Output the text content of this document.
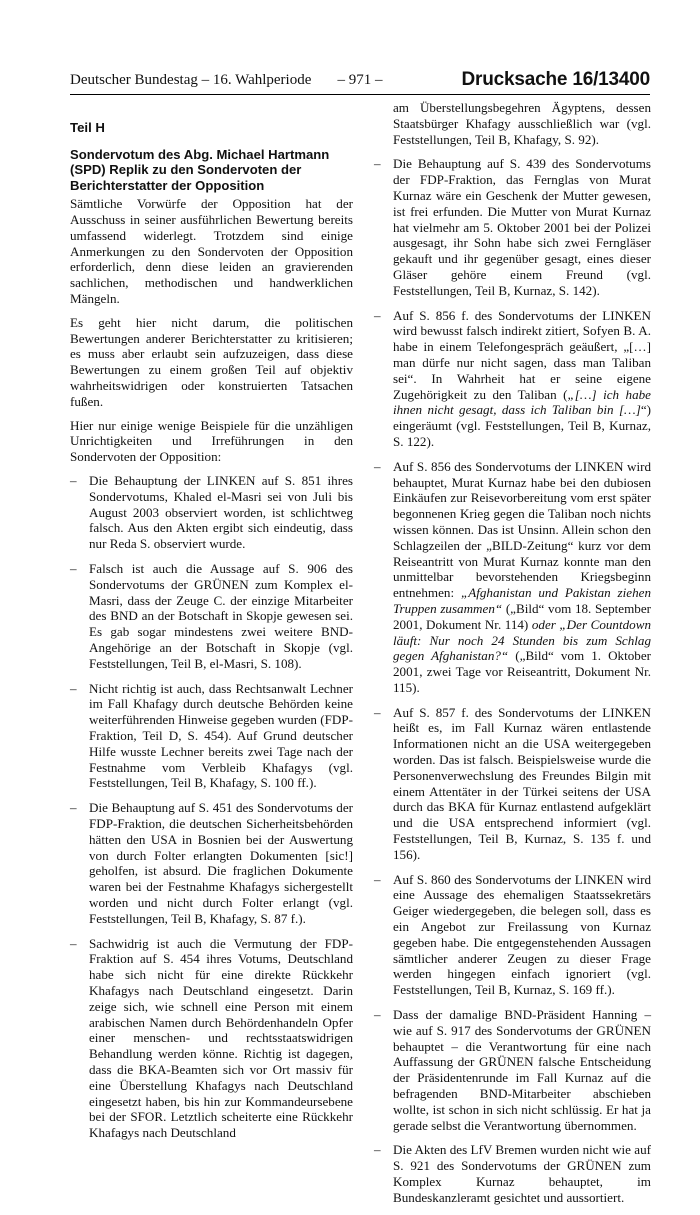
Deutscher Bundestag – 16. Wahlperiode	– 971 –	Drucksache 16/13400
Teil H
Sondervotum des Abg. Michael Hartmann (SPD) Replik zu den Sondervoten der Berichterstatter der Opposition

Sämtliche Vorwürfe der Opposition hat der Ausschuss in seiner ausführlichen Bewertung bereits umfassend widerlegt. Trotzdem sind einige Anmerkungen zu den Sondervoten der Opposition erforderlich, denn diese leiden an gravierenden sachlichen, methodischen und handwerklichen Mängeln.

Es geht hier nicht darum, die politischen Bewertungen anderer Berichterstatter zu kritisieren; es muss aber erlaubt sein aufzuzeigen, dass diese Bewertungen zu einem großen Teil auf objektiv wahrheitswidrigen oder konstruierten Tatsachen fußen.

Hier nur einige wenige Beispiele für die unzähligen Unrichtigkeiten und Irreführungen in den Sondervoten der Opposition:

– Die Behauptung der LINKEN auf S. 851 ihres Sondervotums, Khaled el-Masri sei von Juli bis August 2003 observiert worden, ist schlichtweg falsch. Aus den Akten ergibt sich eindeutig, dass nur Reda S. observiert wurde.
– Falsch ist auch die Aussage auf S. 906 des Sondervotums der GRÜNEN zum Komplex el-Masri, dass der Zeuge C. der einzige Mitarbeiter des BND an der Botschaft in Skopje gewesen sei. Es gab sogar mindestens zwei weitere BND-Angehörige an der Botschaft in Skopje (vgl. Feststellungen, Teil B, el-Masri, S. 108).
– Nicht richtig ist auch, dass Rechtsanwalt Lechner im Fall Khafagy durch deutsche Behörden keine weiterführenden Hinweise gegeben wurden (FDP-Fraktion, Teil D, S. 454). Auf Grund deutscher Hilfe wusste Lechner bereits zwei Tage nach der Festnahme vom Verbleib Khafagys (vgl. Feststellungen, Teil B, Khafagy, S. 100 ff.).
– Die Behauptung auf S. 451 des Sondervotums der FDP-Fraktion, die deutschen Sicherheitsbehörden hätten den USA in Bosnien bei der Auswertung von durch Folter erlangten Dokumenten [sic!] geholfen, ist absurd. Die fraglichen Dokumente waren bei der Festnahme Khafagys sichergestellt worden und nicht durch Folter erlangt (vgl. Feststellungen, Teil B, Khafagy, S. 87 f.).
– Sachwidrig ist auch die Vermutung der FDP-Fraktion auf S. 454 ihres Votums, Deutschland habe sich nicht für eine direkte Rückkehr Khafagys nach Deutschland eingesetzt. Darin zeige sich, wie schnell eine Person mit einem arabischen Namen durch Behördenhandeln Opfer einer menschen- und rechtsstaatswidrigen Behandlung werden könne. Richtig ist dagegen, dass die BKA-Beamten sich vor Ort massiv für eine Überstellung Khafagys nach Deutschland eingesetzt haben, bis hin zur Kommandeursebene bei der SFOR. Letztlich scheiterte eine Rückkehr Khafagys nach Deutschland
am Überstellungsbegehren Ägyptens, dessen Staatsbürger Khafagy ausschließlich war (vgl. Feststellungen, Teil B, Khafagy, S. 92).
– Die Behauptung auf S. 439 des Sondervotums der FDP-Fraktion, das Fernglas von Murat Kurnaz wäre ein Geschenk der Mutter gewesen, ist frei erfunden. Die Mutter von Murat Kurnaz hat vielmehr am 5. Oktober 2001 bei der Polizei ausgesagt, ihr Sohn habe sich zwei Ferngläser gekauft und ihr gegenüber gesagt, eines dieser Gläser gehöre einem Freund (vgl. Feststellungen, Teil B, Kurnaz, S. 142).
– Auf S. 856 f. des Sondervotums der LINKEN wird bewusst falsch indirekt zitiert, Sofyen B. A. habe in einem Telefongespräch geäußert, „[…] man dürfe nur nicht sagen, dass man Taliban sei“. In Wahrheit hat er seine eigene Zugehörigkeit zu den Taliban („[…] ich habe ihnen nicht gesagt, dass ich Taliban bin […]“) eingeräumt (vgl. Feststellungen, Teil B, Kurnaz, S. 122).
– Auf S. 856 des Sondervotums der LINKEN wird behauptet, Murat Kurnaz habe bei den dubiosen Einkäufen zur Reisevorbereitung vom erst später begonnenen Krieg gegen die Taliban noch nichts wissen können. Das ist Unsinn. Allein schon den Schlagzeilen der „BILD-Zeitung“ kurz vor dem Reiseantritt von Murat Kurnaz konnte man den unmittelbar bevorstehenden Kriegsbeginn entnehmen: „Afghanistan und Pakistan ziehen Truppen zusammen“ („Bild“ vom 18. September 2001, Dokument Nr. 114) oder „Der Countdown läuft: Nur noch 24 Stunden bis zum Schlag gegen Afghanistan?“ („Bild“ vom 1. Oktober 2001, zwei Tage vor Reiseantritt, Dokument Nr. 115).
– Auf S. 857 f. des Sondervotums der LINKEN heißt es, im Fall Kurnaz wären entlastende Informationen nicht an die USA weitergegeben worden. Das ist falsch. Beispielsweise wurde die Personenverwechslung des Freundes Bilgin mit einem Attentäter in der Türkei seitens der USA durch das BKA für Kurnaz entlastend aufgeklärt und die USA entsprechend informiert (vgl. Feststellungen, Teil B, Kurnaz, S. 135 f. und 156).
– Auf S. 860 des Sondervotums der LINKEN wird eine Aussage des ehemaligen Staatssekretärs Geiger wiedergegeben, die belegen soll, dass es ein Angebot zur Freilassung von Kurnaz gegeben habe. Die entgegenstehenden Aussagen sämtlicher anderer Zeugen zu dieser Frage werden hingegen einfach ignoriert (vgl. Feststellungen, Teil B, Kurnaz, S. 169 ff.).
– Dass der damalige BND-Präsident Hanning – wie auf S. 917 des Sondervotums der GRÜNEN behauptet – die Verantwortung für eine nach Auffassung der GRÜNEN falsche Entscheidung der Präsidentenrunde im Fall Kurnaz auf die befragenden BND-Mitarbeiter abschieben wollte, ist schon in sich nicht schlüssig. Er hat ja gerade selbst die Verantwortung übernommen.
– Die Akten des LfV Bremen wurden nicht wie auf S. 921 des Sondervotums der GRÜNEN zum Komplex Kurnaz behauptet, im Bundeskanzleramt gesichtet und aussortiert.
